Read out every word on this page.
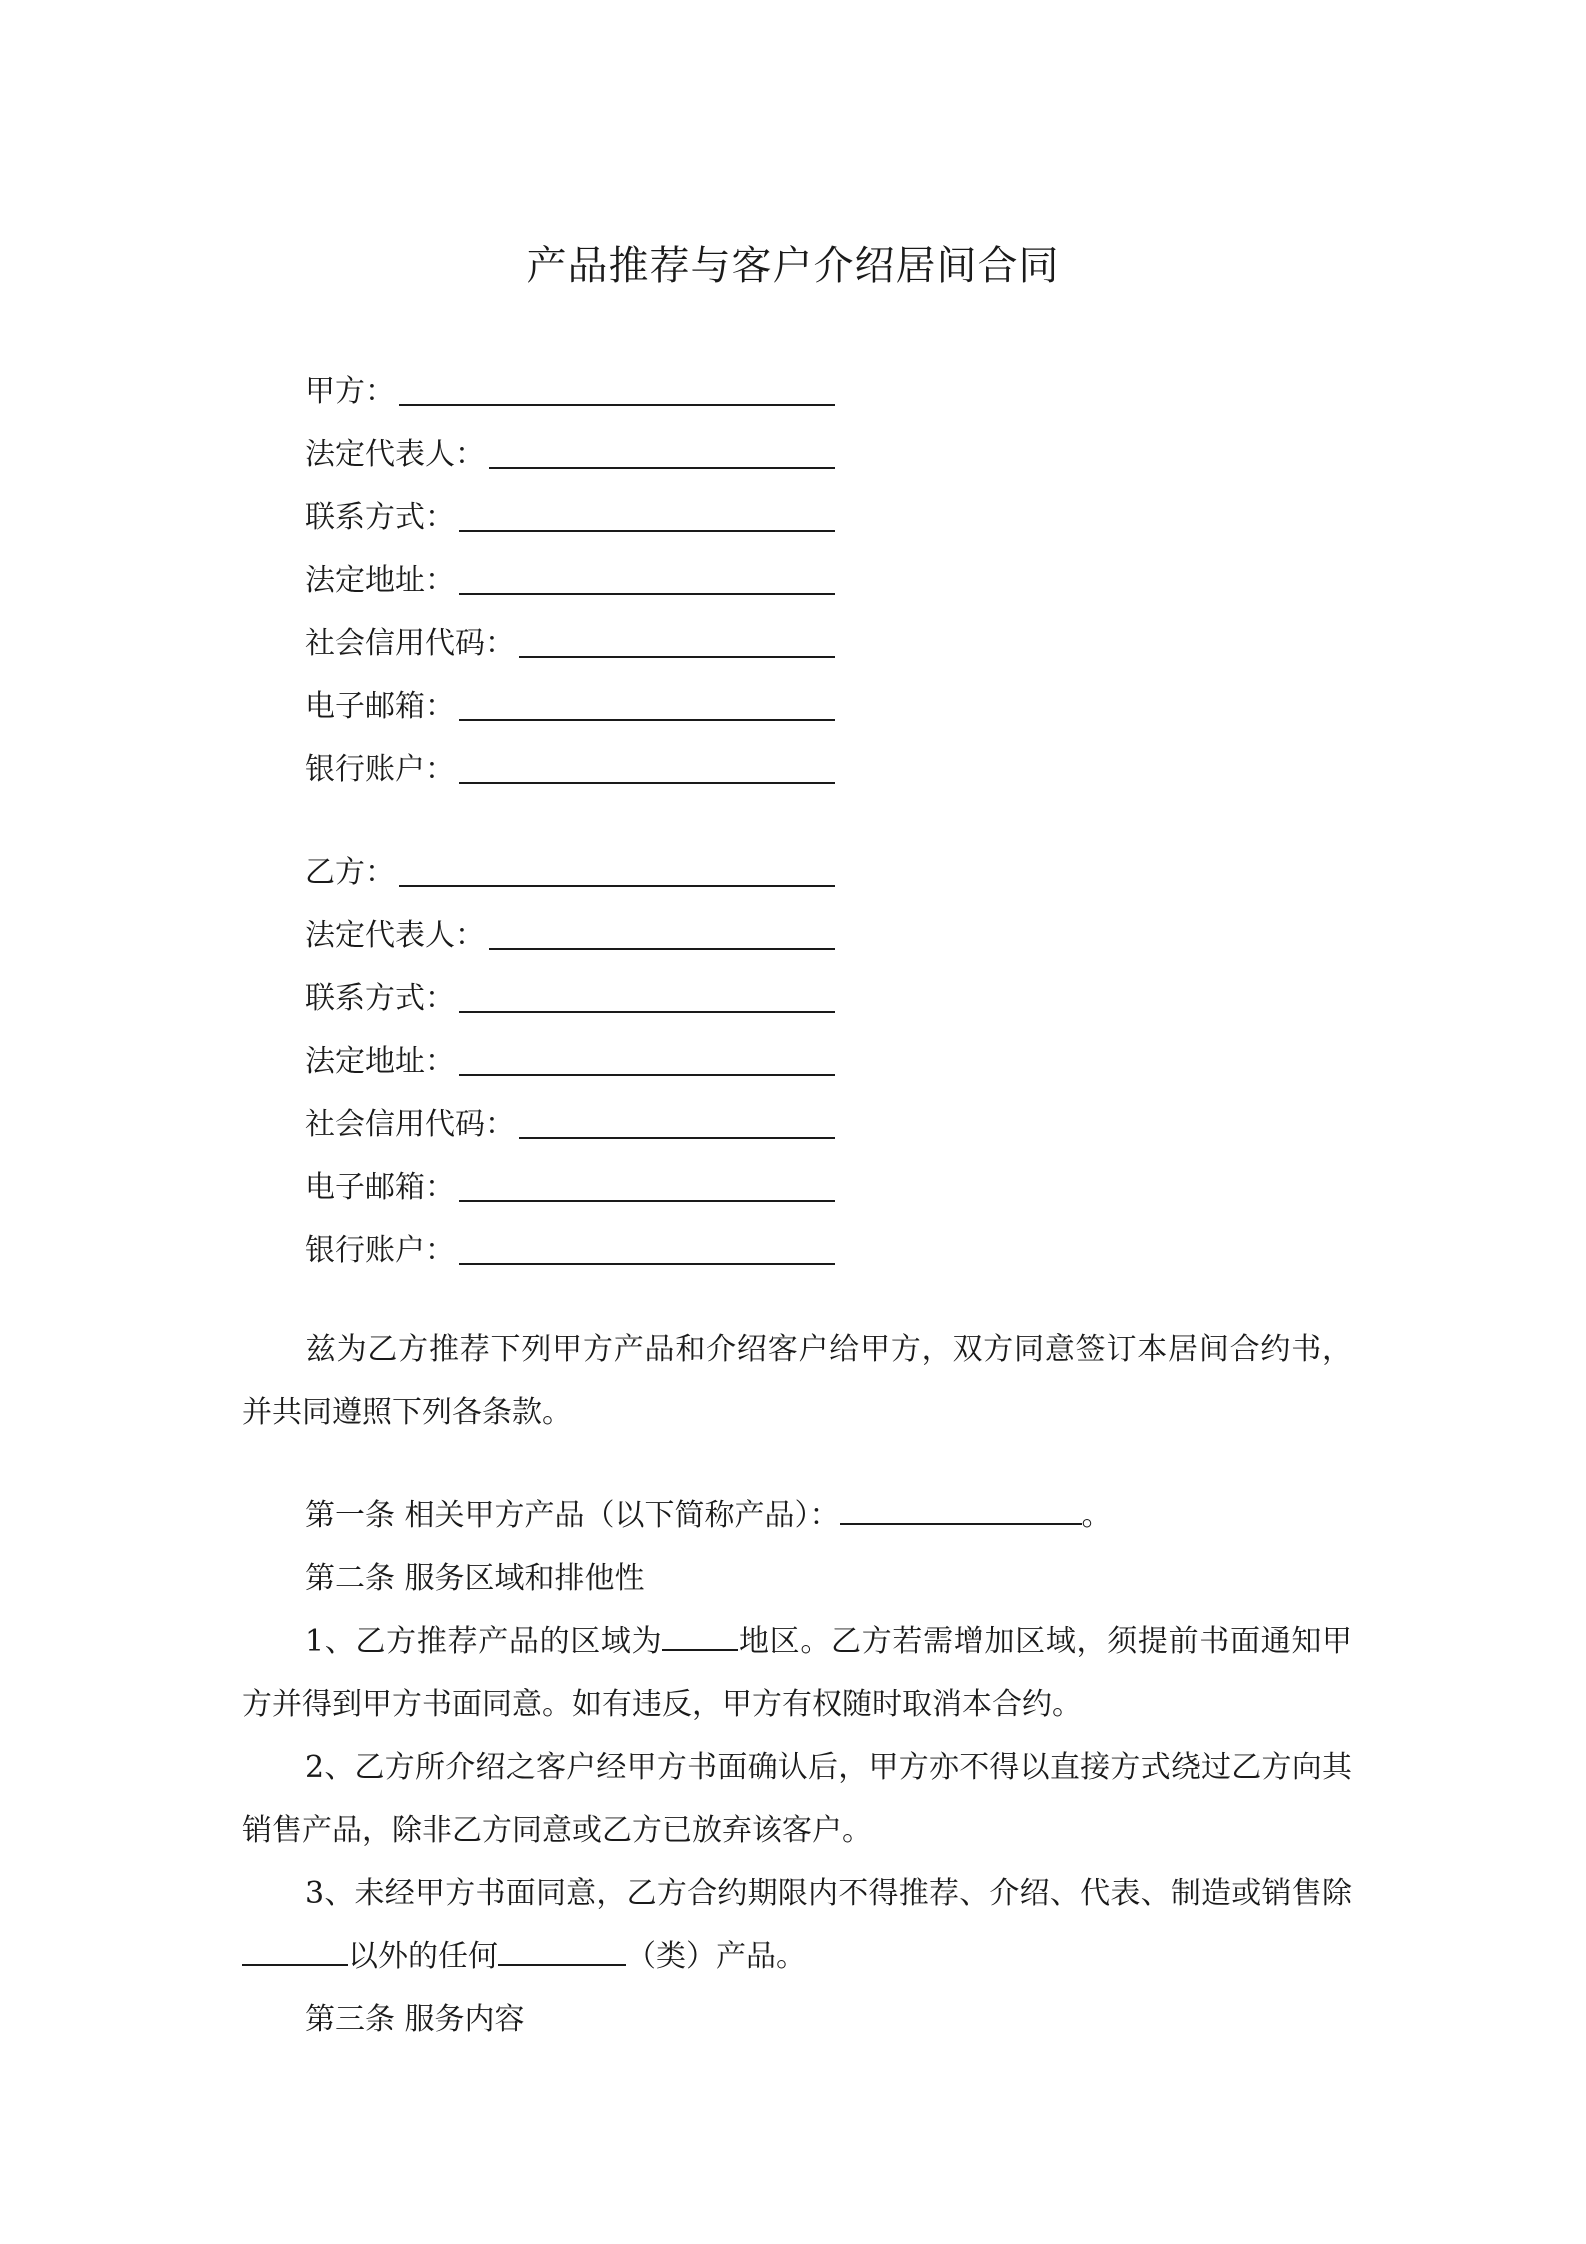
产品推荐与客户介绍居间合同
甲方：
法定代表人：
联系方式：
法定地址：
社会信用代码：
电子邮箱：
银行账户：
乙方：
法定代表人：
联系方式：
法定地址：
社会信用代码：
电子邮箱：
银行账户：
兹为乙方推荐下列甲方产品和介绍客户给甲方，双方同意签订本居间合约书，并共同遵照下列各条款。
第一条 相关甲方产品（以下简称产品）：	。
第二条 服务区域和排他性
1、乙方推荐产品的区域为	地区。乙方若需增加区域，须提前书面通知甲方并得到甲方书面同意。如有违反，甲方有权随时取消本合约。
2、乙方所介绍之客户经甲方书面确认后，甲方亦不得以直接方式绕过乙方向其销售产品，除非乙方同意或乙方已放弃该客户。
3、未经甲方书面同意，乙方合约期限内不得推荐、介绍、代表、制造或销售除以外的任何	（类）产品。
第三条 服务内容
